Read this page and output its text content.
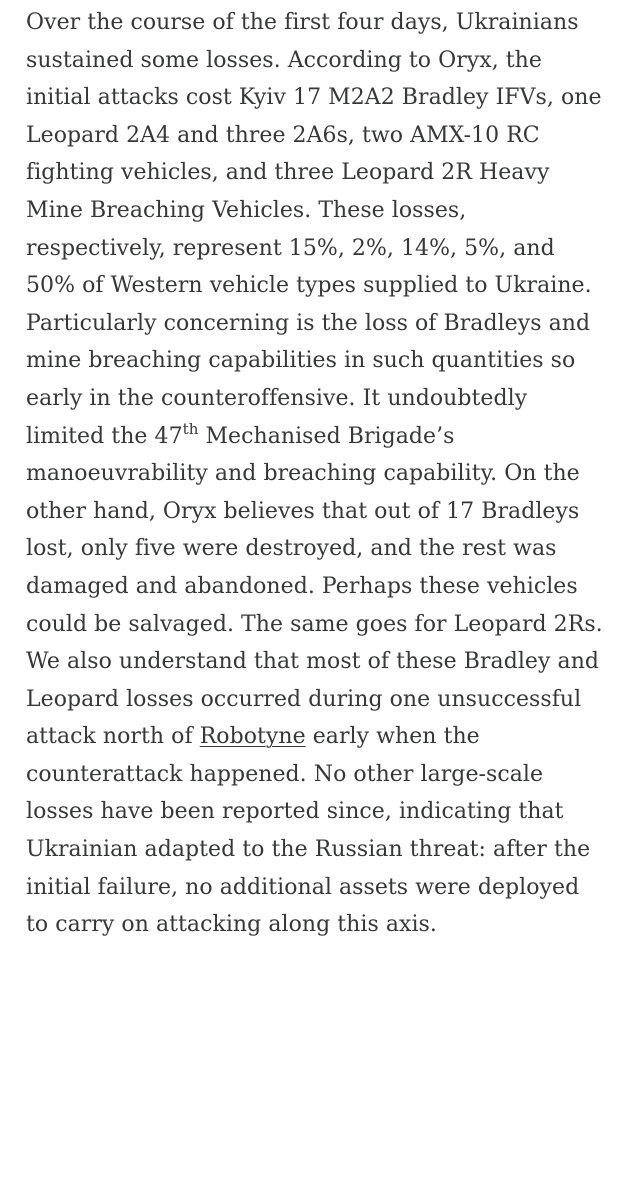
Over the course of the first four days, Ukrainians sustained some losses. According to Oryx, the initial attacks cost Kyiv 17 M2A2 Bradley IFVs, one Leopard 2A4 and three 2A6s, two AMX-10 RC fighting vehicles, and three Leopard 2R Heavy Mine Breaching Vehicles. These losses, respectively, represent 15%, 2%, 14%, 5%, and 50% of Western vehicle types supplied to Ukraine. Particularly concerning is the loss of Bradleys and mine breaching capabilities in such quantities so early in the counteroffensive. It undoubtedly limited the 47th Mechanised Brigade’s manoeuvrability and breaching capability. On the other hand, Oryx believes that out of 17 Bradleys lost, only five were destroyed, and the rest was damaged and abandoned. Perhaps these vehicles could be salvaged. The same goes for Leopard 2Rs. We also understand that most of these Bradley and Leopard losses occurred during one unsuccessful attack north of Robotyne early when the counterattack happened. No other large-scale losses have been reported since, indicating that Ukrainian adapted to the Russian threat: after the initial failure, no additional assets were deployed to carry on attacking along this axis.
